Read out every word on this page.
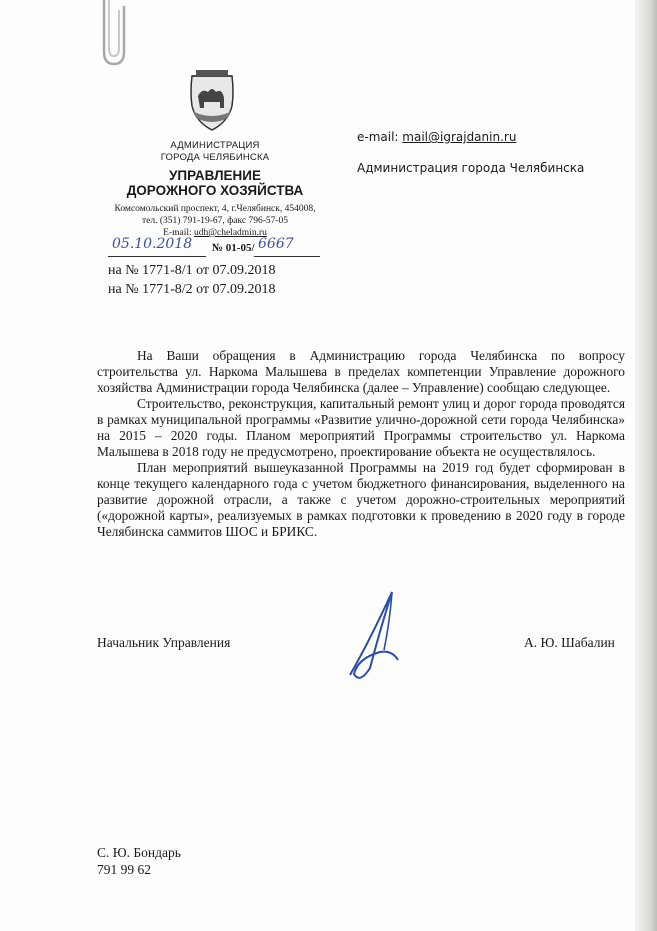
АДМИНИСТРАЦИЯ
ГОРОДА ЧЕЛЯБИНСКА
УПРАВЛЕНИЕ
ДОРОЖНОГО ХОЗЯЙСТВА
Комсомольский проспект, 4, г.Челябинск, 454008,
тел. (351) 791-19-67, факс 796-57-05
E-mail: udh@cheladmin.ru
05.10.2018 № 01-05/ 6667
на № 1771-8/1 от 07.09.2018
на № 1771-8/2 от 07.09.2018
e-mail: mail@igrajdanin.ru
Администрация города Челябинска

На Ваши обращения в Администрацию города Челябинска по вопросу строительства ул. Наркома Малышева в пределах компетенции Управление дорожного хозяйства Администрации города Челябинска (далее – Управление) сообщаю следующее.

Строительство, реконструкция, капитальный ремонт улиц и дорог города проводятся в рамках муниципальной программы «Развитие улично-дорожной сети города Челябинска» на 2015 – 2020 годы. Планом мероприятий Программы строительство ул. Наркома Малышева в 2018 году не предусмотрено, проектирование объекта не осуществлялось.

План мероприятий вышеуказанной Программы на 2019 год будет сформирован в конце текущего календарного года с учетом бюджетного финансирования, выделенного на развитие дорожной отрасли, а также с учетом дорожно-строительных мероприятий («дорожной карты», реализуемых в рамках подготовки к проведению в 2020 году в городе Челябинска саммитов ШОС и БРИКС.

Начальник Управления	А. Ю. Шабалин
С. Ю. Бондарь
791 99 62
